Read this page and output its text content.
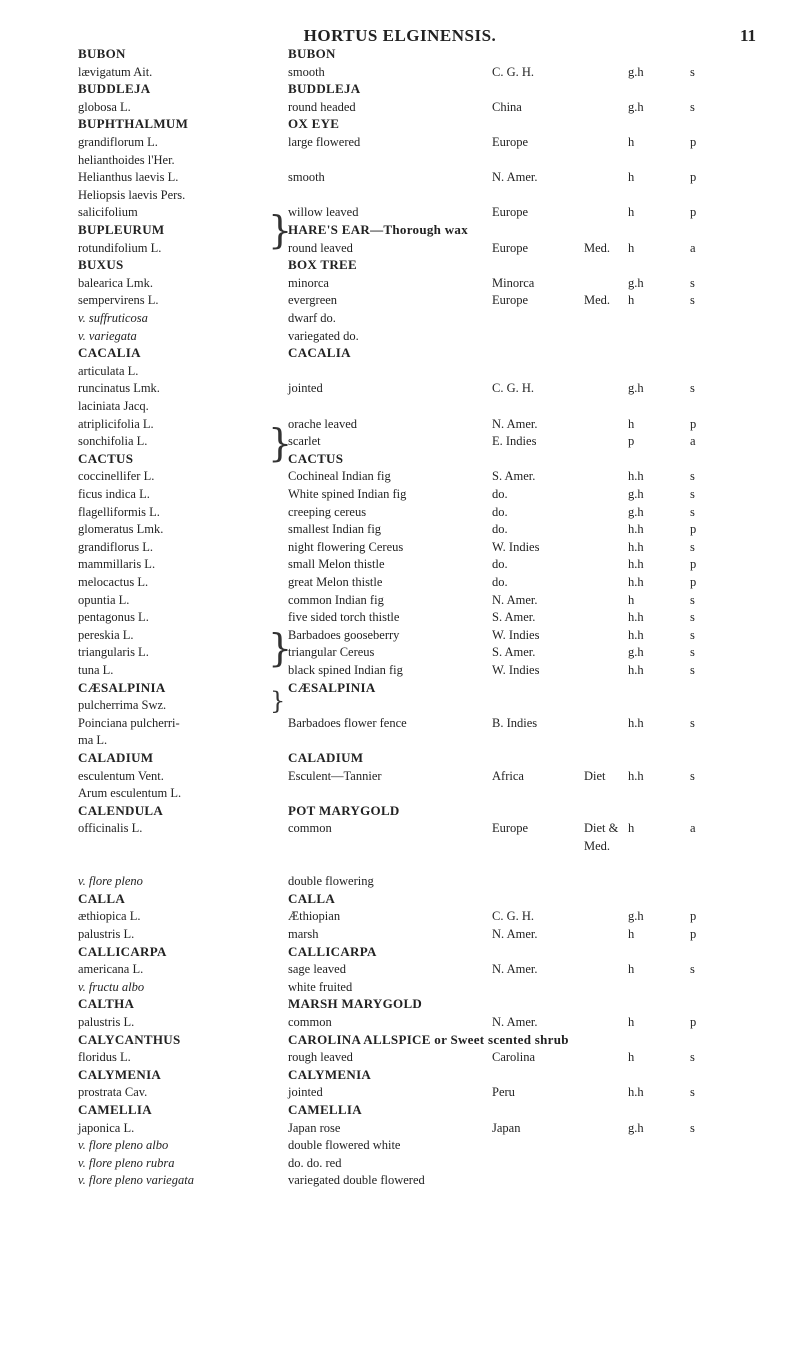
HORTUS ELGINENSIS.	11
BUBON	BUBON
lævigatum Ait.	smooth	C. G. H.	g.h	s
BUDDLEJA	BUDDLEJA
globosa L.	round headed	China	g.h	s
BUPHTHALMUM	OX EYE
grandiflorum L.	large flowered	Europe	h	p
helianthoides l'Her.
Helianthus laevis L.	smooth	N. Amer.	h	p
Heliopsis laevis Pers.
salicifolium	willow leaved	Europe	h	p
BUPLEURUM	HARE'S EAR—Thorough wax
rotundifolium L.	round leaved	Europe	Med. h	a
BUXUS	BOX TREE
balearica Lmk.	minorca	Minorca	g.h	s
sempervirens L.	evergreen	Europe	Med. h	s
v. suffruticosa	dwarf do.
v. variegata	variegated do.
CACALIA	CACALIA
articulata L.
runcinatus Lmk.	jointed	C. G. H.	g.h	s
laciniata Jacq.
atriplicifolia L.	orache leaved	N. Amer.	h	p
sonchifolia L.	scarlet	E. Indies	p	a
CACTUS	CACTUS
coccinellifer L.	Cochineal Indian fig	S. Amer.	h.h	s
ficus indica L.	White spined Indian fig	do.	g.h	s
flagelliformis L.	creeping cereus	do.	g.h	s
glomeratus Lmk.	smallest Indian fig	do.	h.h	p
grandiflorus L.	night flowering Cereus	W. Indies	h.h	s
mammillaris L.	small Melon thistle	do.	h.h	p
melocactus L.	great Melon thistle	do.	h.h	p
opuntia L.	common Indian fig	N. Amer.	h	s
pentagonus L.	five sided torch thistle	S. Amer.	h.h	s
pereskia L.	Barbadoes gooseberry	W. Indies	h.h	s
triangularis L.	triangular Cereus	S. Amer.	g.h	s
tuna L.	black spined Indian fig	W. Indies	h.h	s
CÆSALPINIA	CÆSALPINIA
pulcherrima Swz.
Poinciana pulcherri-	Barbadoes flower fence	B. Indies	h.h	s
ma L.
CALADIUM	CALADIUM
esculentum Vent.	Esculent—Tannier	Africa	Diet h.h	s
Arum esculentum L.
CALENDULA	POT MARYGOLD
officinalis L.	common	Europe	Diet & h	a
Med.
v. flore pleno	double flowering
CALLA	CALLA
æthiopica L.	Æthiopian	C. G. H.	g.h	p
palustris L.	marsh	N. Amer.	h	p
CALLICARPA	CALLICARPA
americana L.	sage leaved	N. Amer.	h	s
v. fructu albo	white fruited
CALTHA	MARSH MARYGOLD
palustris L.	common	N. Amer.	h	p
CALYCANTHUS	CAROLINA ALLSPICE or Sweet scented shrub
floridus L.	rough leaved	Carolina	h	s
CALYMENIA	CALYMENIA
prostrata Cav.	jointed	Peru	h.h	s
CAMELLIA	CAMELLIA
japonica L.	Japan rose	Japan	g.h	s
v. flore pleno albo	double flowered white
v. flore pleno rubra	do. do. red
v. flore pleno variegata	variegated double flowered
}
}
}
}
